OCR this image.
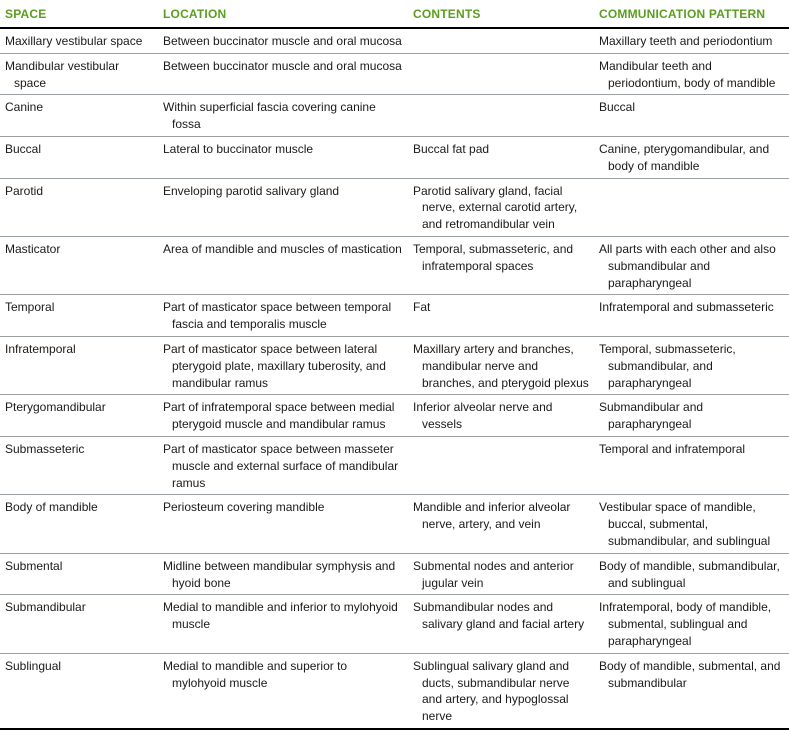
SPACE	LOCATION	CONTENTS	COMMUNICATION PATTERN

Maxillary vestibular space	Between buccinator muscle and oral mucosa		Maxillary teeth and periodontium

Mandibular vestibular space	Between buccinator muscle and oral mucosa		Mandibular teeth and periodontium, body of mandible

Canine	Within superficial fascia covering canine fossa		Buccal

Buccal	Lateral to buccinator muscle	Buccal fat pad	Canine, pterygomandibular, and body of mandible

Parotid	Enveloping parotid salivary gland	Parotid salivary gland, facial nerve, external carotid artery, and retromandibular vein	

Masticator	Area of mandible and muscles of mastication	Temporal, submasseteric, and infratemporal spaces	All parts with each other and also submandibular and parapharyngeal

Temporal	Part of masticator space between temporal fascia and temporalis muscle	Fat	Infratemporal and submasseteric

Infratemporal	Part of masticator space between lateral pterygoid plate, maxillary tuberosity, and mandibular ramus	Maxillary artery and branches, mandibular nerve and branches, and pterygoid plexus	Temporal, submasseteric, submandibular, and parapharyngeal

Pterygomandibular	Part of infratemporal space between medial pterygoid muscle and mandibular ramus	Inferior alveolar nerve and vessels	Submandibular and parapharyngeal

Submasseteric	Part of masticator space between masseter muscle and external surface of mandibular ramus		Temporal and infratemporal

Body of mandible	Periosteum covering mandible	Mandible and inferior alveolar nerve, artery, and vein	Vestibular space of mandible, buccal, submental, submandibular, and sublingual

Submental	Midline between mandibular symphysis and hyoid bone	Submental nodes and anterior jugular vein	Body of mandible, submandibular, and sublingual

Submandibular	Medial to mandible and inferior to mylohyoid muscle	Submandibular nodes and salivary gland and facial artery	Infratemporal, body of mandible, submental, sublingual and parapharyngeal

Sublingual	Medial to mandible and superior to mylohyoid muscle	Sublingual salivary gland and ducts, submandibular nerve and artery, and hypoglossal nerve	Body of mandible, submental, and submandibular
